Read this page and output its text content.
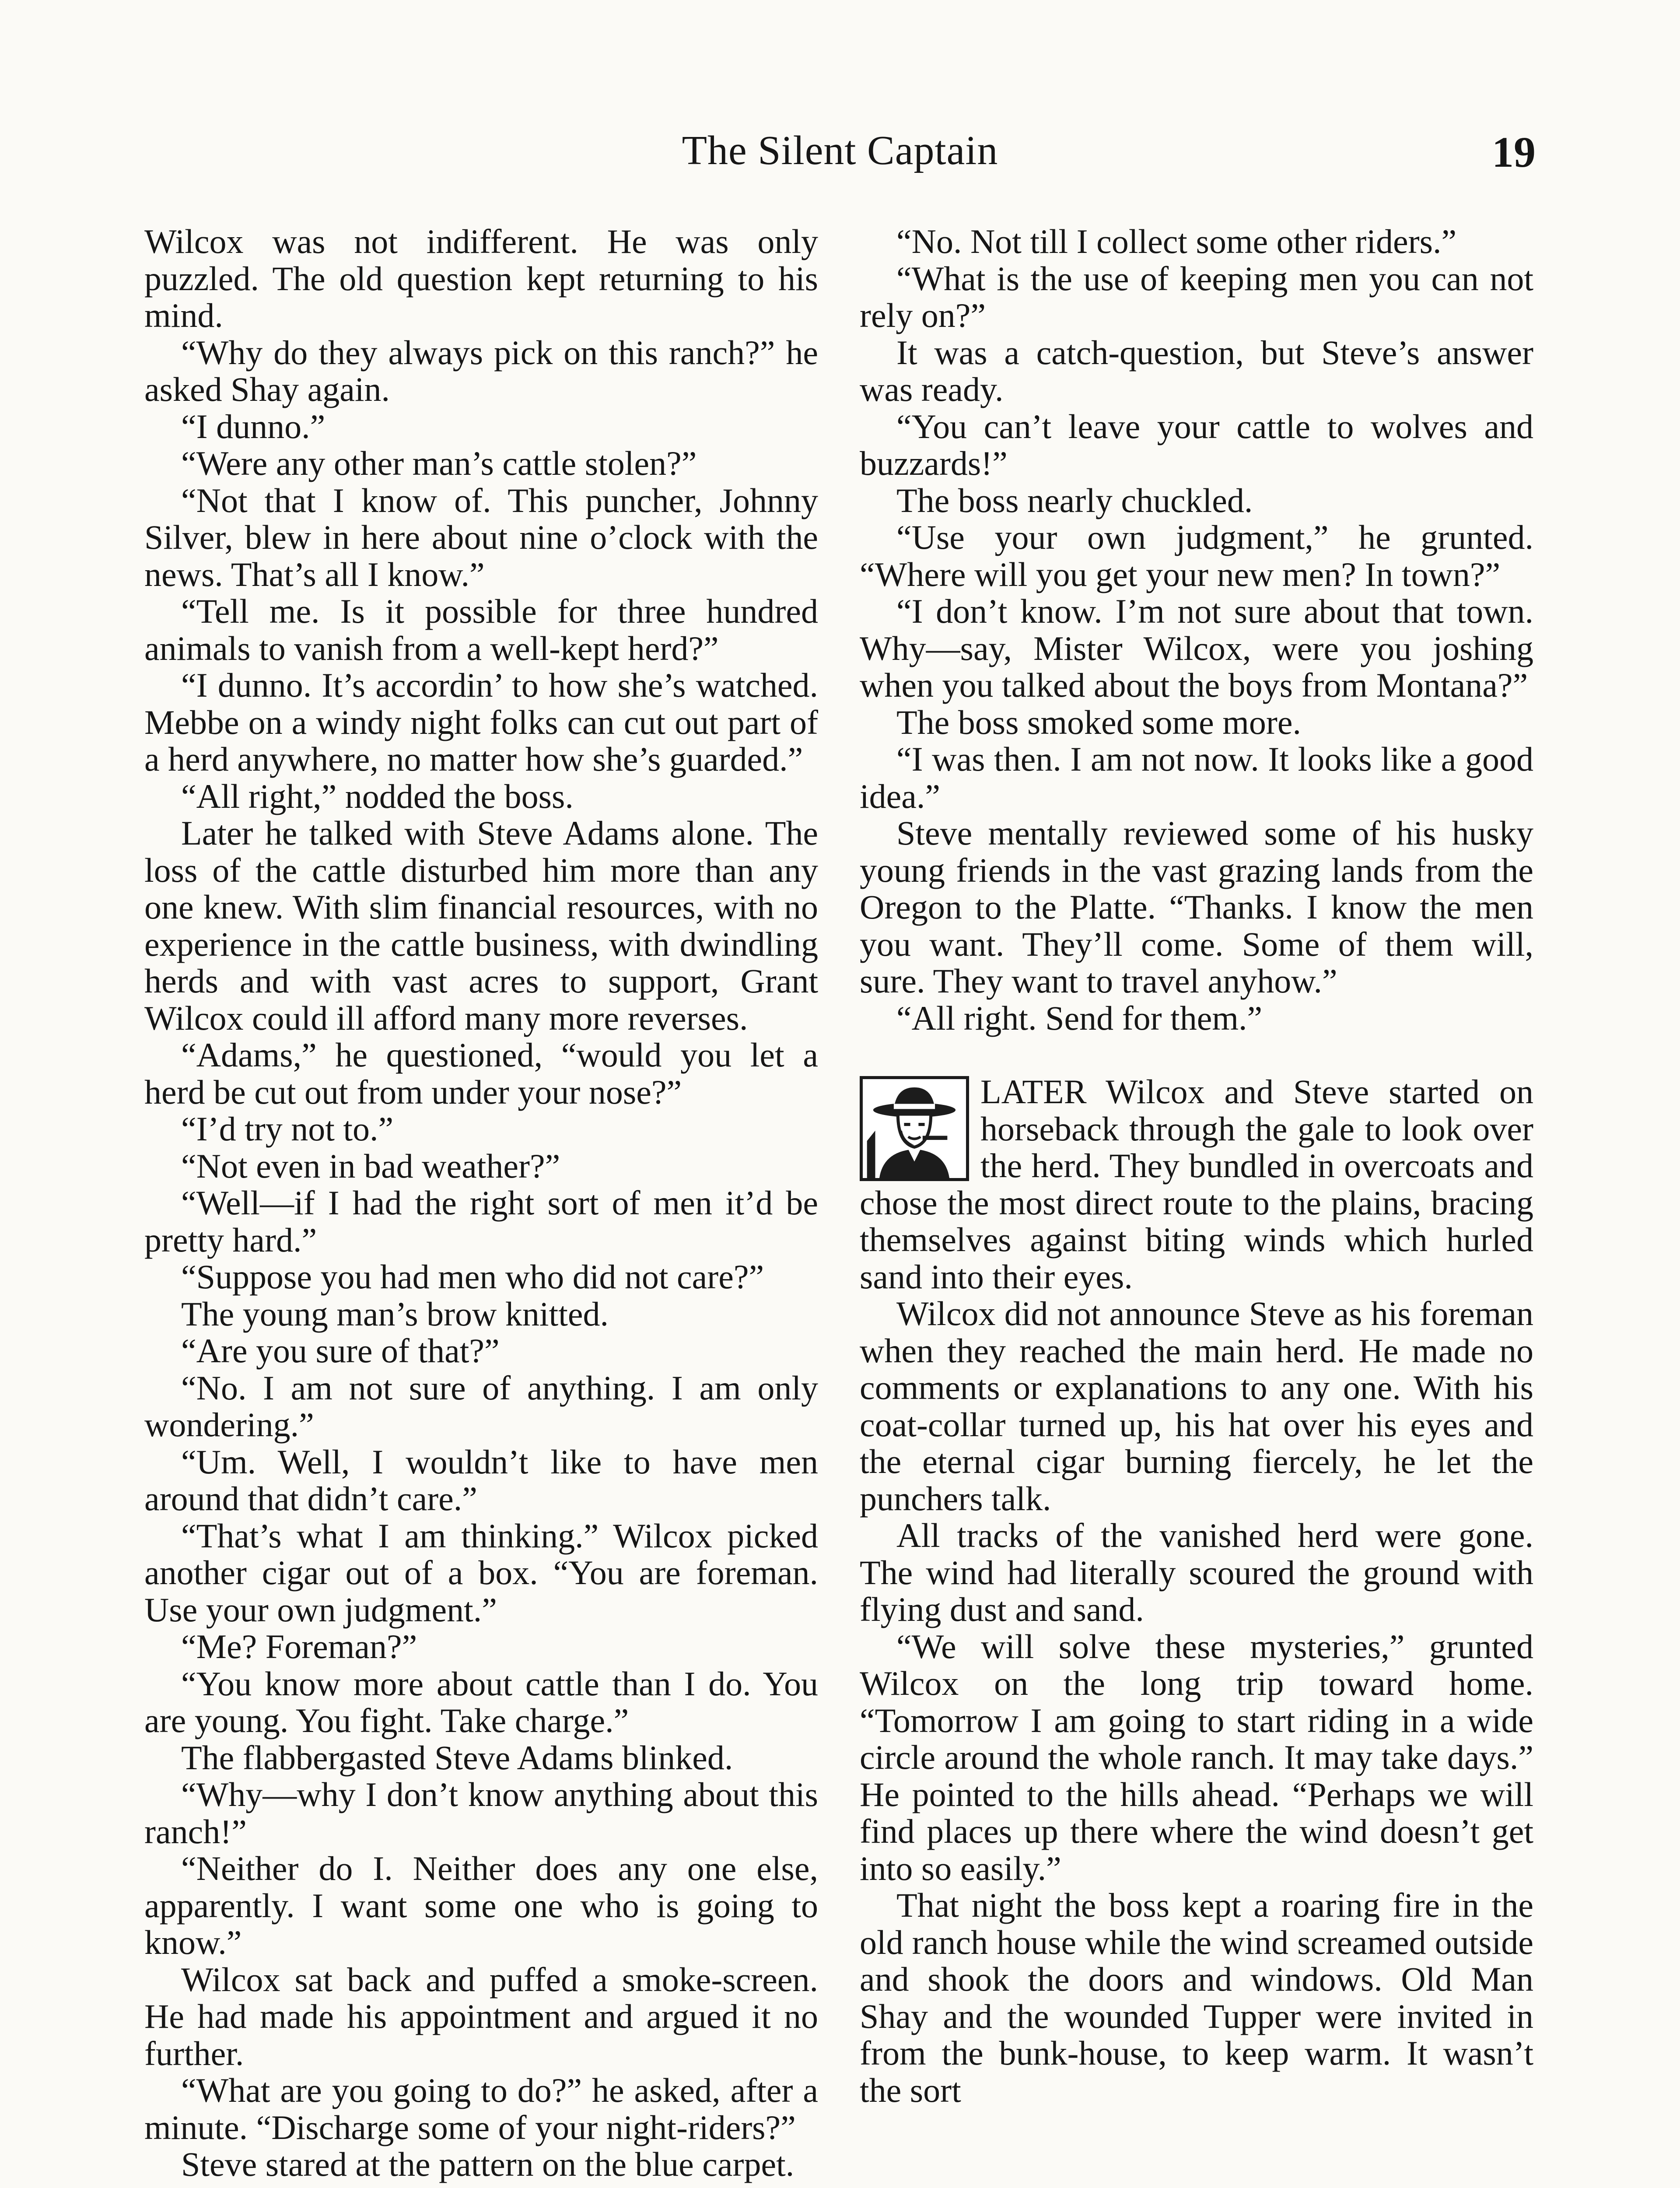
The Silent Captain	19

Wilcox was not indifferent. He was only puzzled. The old question kept returning to his mind.

“Why do they always pick on this ranch?” he asked Shay again.

“I dunno.”

“Were any other man’s cattle stolen?”

“Not that I know of. This puncher, Johnny Silver, blew in here about nine o’clock with the news. That’s all I know.”

“Tell me. Is it possible for three hundred animals to vanish from a well-kept herd?”

“I dunno. It’s accordin’ to how she’s watched. Mebbe on a windy night folks can cut out part of a herd anywhere, no matter how she’s guarded.”

“All right,” nodded the boss.

Later he talked with Steve Adams alone. The loss of the cattle disturbed him more than any one knew. With slim financial resources, with no experience in the cattle business, with dwindling herds and with vast acres to support, Grant Wilcox could ill afford many more reverses.

“Adams,” he questioned, “would you let a herd be cut out from under your nose?”

“I’d try not to.”

“Not even in bad weather?”

“Well—if I had the right sort of men it’d be pretty hard.”

“Suppose you had men who did not care?”

The young man’s brow knitted.

“Are you sure of that?”

“No. I am not sure of anything. I am only wondering.”

“Um. Well, I wouldn’t like to have men around that didn’t care.”

“That’s what I am thinking.” Wilcox picked another cigar out of a box. “You are foreman. Use your own judgment.”

“Me? Foreman?”

“You know more about cattle than I do. You are young. You fight. Take charge.”

The flabbergasted Steve Adams blinked.

“Why—why I don’t know anything about this ranch!”

“Neither do I. Neither does any one else, apparently. I want some one who is going to know.”

Wilcox sat back and puffed a smoke-screen. He had made his appointment and argued it no further.

“What are you going to do?” he asked, after a minute. “Discharge some of your night-riders?”

Steve stared at the pattern on the blue carpet.

“No. Not till I collect some other riders.”

“What is the use of keeping men you can not rely on?”

It was a catch-question, but Steve’s answer was ready.

“You can’t leave your cattle to wolves and buzzards!”

The boss nearly chuckled.

“Use your own judgment,” he grunted. “Where will you get your new men? In town?”

“I don’t know. I’m not sure about that town. Why—say, Mister Wilcox, were you joshing when you talked about the boys from Montana?”

The boss smoked some more.

“I was then. I am not now. It looks like a good idea.”

Steve mentally reviewed some of his husky young friends in the vast grazing lands from the Oregon to the Platte. “Thanks. I know the men you want. They’ll come. Some of them will, sure. They want to travel anyhow.”

“All right. Send for them.”

LATER Wilcox and Steve started on horseback through the gale to look over the herd. They bundled in overcoats and chose the most direct route to the plains, bracing themselves against biting winds which hurled sand into their eyes.

Wilcox did not announce Steve as his foreman when they reached the main herd. He made no comments or explanations to any one. With his coat-collar turned up, his hat over his eyes and the eternal cigar burning fiercely, he let the punchers talk.

All tracks of the vanished herd were gone. The wind had literally scoured the ground with flying dust and sand.

“We will solve these mysteries,” grunted Wilcox on the long trip toward home. “Tomorrow I am going to start riding in a wide circle around the whole ranch. It may take days.” He pointed to the hills ahead. “Perhaps we will find places up there where the wind doesn’t get into so easily.”

That night the boss kept a roaring fire in the old ranch house while the wind screamed outside and shook the doors and windows. Old Man Shay and the wounded Tupper were invited in from the bunk-house, to keep warm. It wasn’t the sort
